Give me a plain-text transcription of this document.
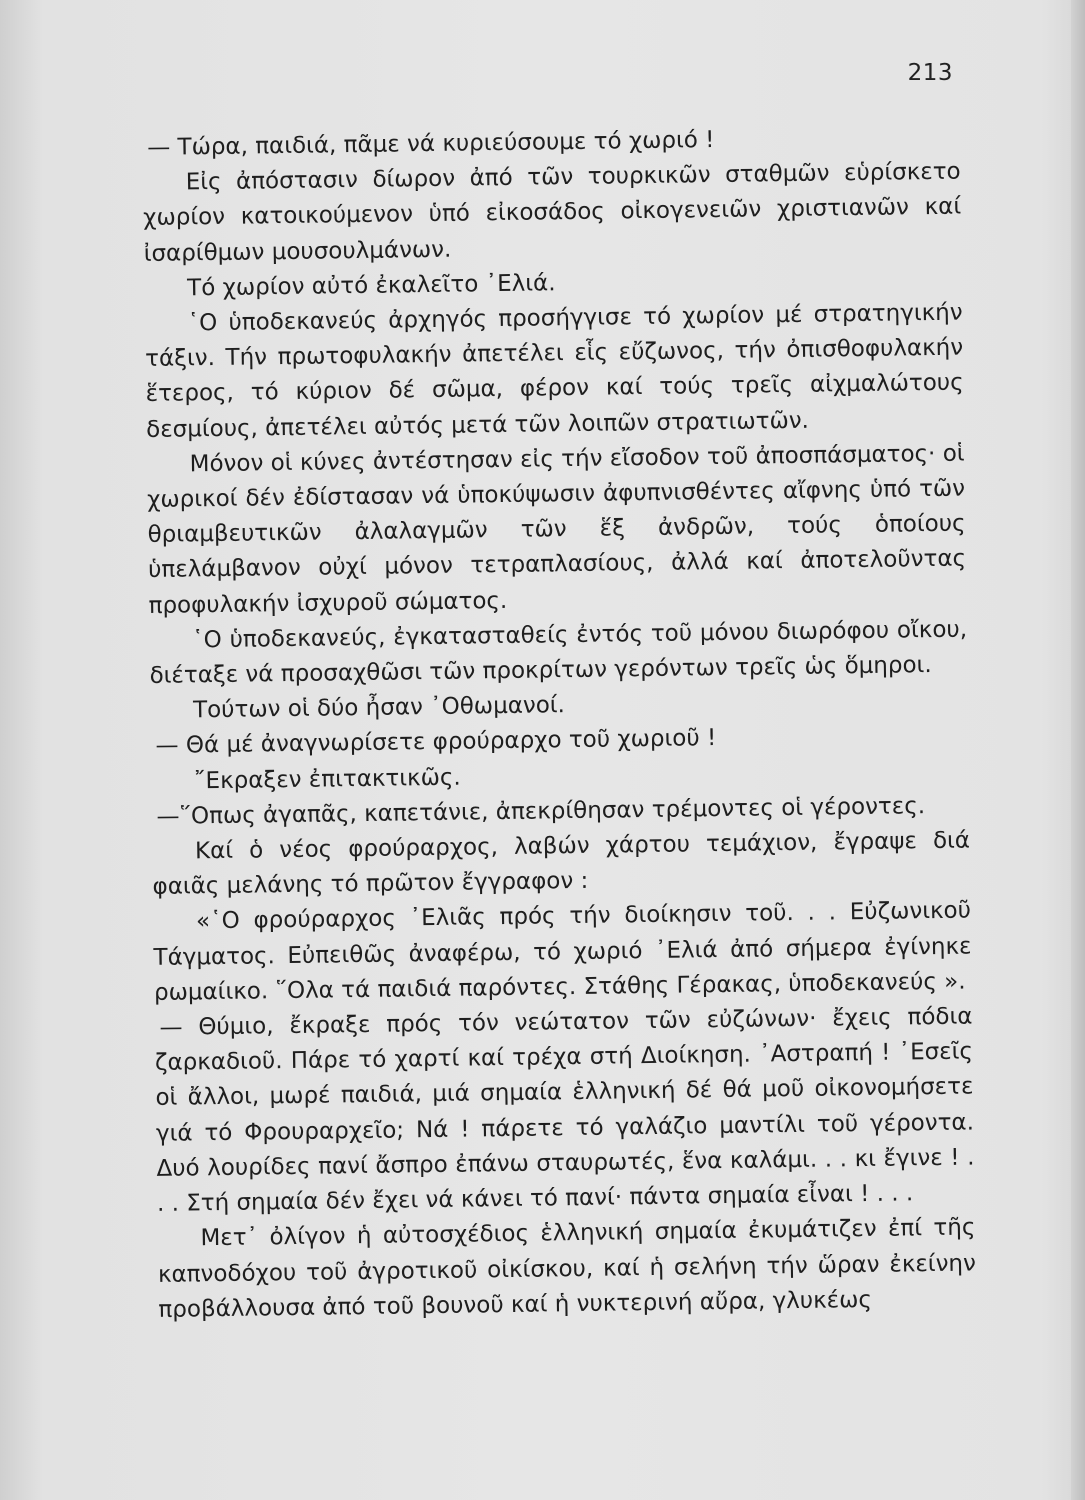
213

— Τώρα, παιδιά, πᾶμε νά κυριεύσουμε τό χωριό !

Εἰς ἀπόστασιν δίωρον ἀπό τῶν τουρκικῶν σταθμῶν εὑρίσκετο χωρίον κατοικούμενον ὑπό εἰκοσάδος οἰκογενειῶν χριστιανῶν καί ἰσαρίθμων μουσουλμάνων.

Τό χωρίον αὐτό ἐκαλεῖτο ᾿Ελιά.

῾Ο ὑποδεκανεύς ἀρχηγός προσήγγισε τό χωρίον μέ στρατηγικήν τάξιν. Τήν πρωτοφυλακήν ἀπετέλει εἷς εὔζωνος, τήν ὀπισθοφυλακήν ἕτερος, τό κύριον δέ σῶμα, φέρον καί τούς τρεῖς αἰχμαλώτους δεσμίους, ἀπετέλει αὐτός μετά τῶν λοιπῶν στρατιωτῶν.

Μόνον οἱ κύνες ἀντέστησαν εἰς τήν εἴσοδον τοῦ ἀποσπάσματος· οἱ χωρικοί δέν ἐδίστασαν νά ὑποκύψωσιν ἀφυπνισθέντες αἴφνης ὑπό τῶν θριαμβευτικῶν ἀλαλαγμῶν τῶν ἕξ ἀνδρῶν, τούς ὁποίους ὑπελάμβανον οὐχί μόνον τετραπλασίους, ἀλλά καί ἀποτελοῦντας προφυλακήν ἰσχυροῦ σώματος.

῾Ο ὑποδεκανεύς, ἐγκατασταθείς ἐντός τοῦ μόνου διωρόφου οἴκου, διέταξε νά προσαχθῶσι τῶν προκρίτων γερόντων τρεῖς ὡς ὅμηροι.

Τούτων οἱ δύο ἦσαν ᾿Οθωμανοί.

— Θά μέ ἀναγνωρίσετε φρούραρχο τοῦ χωριοῦ !

῎Εκραξεν ἐπιτακτικῶς.

—῞Οπως ἀγαπᾶς, καπετάνιε, ἀπεκρίθησαν τρέμοντες οἱ γέροντες.

Καί ὁ νέος φρούραρχος, λαβών χάρτου τεμάχιον, ἔγραψε διά φαιᾶς μελάνης τό πρῶτον ἔγγραφον :

«῾Ο φρούραρχος ᾿Ελιᾶς πρός τήν διοίκησιν τοῦ. . . Εὐζωνικοῦ Τάγματος. Εὐπειθῶς ἀναφέρω, τό χωριό ᾿Ελιά ἀπό σήμερα ἐγίνηκε ρωμαίικο. ῞Ολα τά παιδιά παρόντες. Στάθης Γέρακας, ὑποδεκανεύς ».

— Θύμιο, ἔκραξε πρός τόν νεώτατον τῶν εὐζώνων· ἔχεις πόδια ζαρκαδιοῦ. Πάρε τό χαρτί καί τρέχα στή Διοίκηση. ᾿Αστραπή ! ᾿Εσεῖς οἱ ἄλλοι, μωρέ παιδιά, μιά σημαία ἑλληνική δέ θά μοῦ οἰκονομήσετε γιά τό Φρουραρχεῖο; Νά ! πάρετε τό γαλάζιο μαντίλι τοῦ γέροντα. Δυό λουρίδες πανί ἄσπρο ἐπάνω σταυρωτές, ἕνα καλάμι. . . κι ἔγινε ! . . . Στή σημαία δέν ἔχει νά κάνει τό πανί· πάντα σημαία εἶναι ! . . .

Μετ᾿ ὀλίγον ἡ αὐτοσχέδιος ἑλληνική σημαία ἐκυμάτιζεν ἐπί τῆς καπνοδόχου τοῦ ἀγροτικοῦ οἰκίσκου, καί ἡ σελήνη τήν ὥραν ἐκείνην προβάλλουσα ἀπό τοῦ βουνοῦ καί ἡ νυκτερινή αὔρα, γλυκέως
